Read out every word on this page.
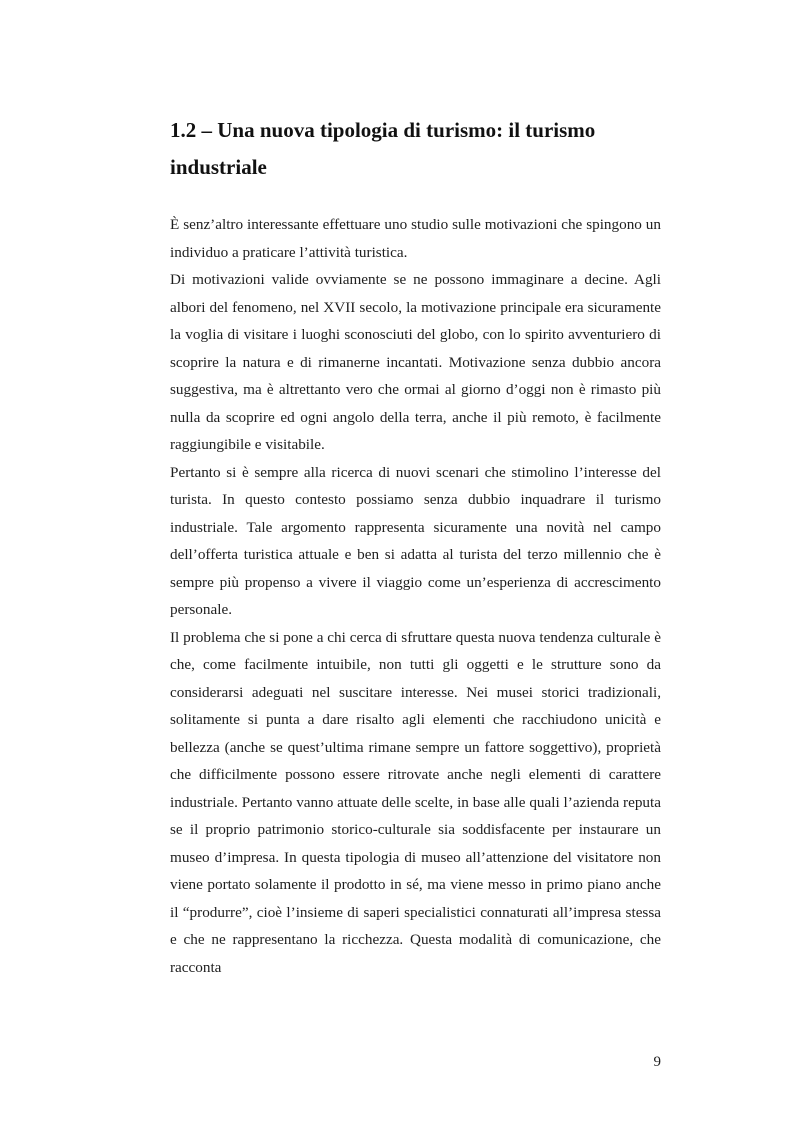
1.2 – Una nuova tipologia di turismo: il turismo industriale

È senz’altro interessante effettuare uno studio sulle motivazioni che spingono un individuo a praticare l’attività turistica.

Di motivazioni valide ovviamente se ne possono immaginare a decine. Agli albori del fenomeno, nel XVII secolo, la motivazione principale era sicuramente la voglia di visitare i luoghi sconosciuti del globo, con lo spirito avventuriero di scoprire la natura e di rimanerne incantati. Motivazione senza dubbio ancora suggestiva, ma è altrettanto vero che ormai al giorno d’oggi non è rimasto più nulla da scoprire ed ogni angolo della terra, anche il più remoto, è facilmente raggiungibile e visitabile.

Pertanto si è sempre alla ricerca di nuovi scenari che stimolino l’interesse del turista. In questo contesto possiamo senza dubbio inquadrare il turismo industriale. Tale argomento rappresenta sicuramente una novità nel campo dell’offerta turistica attuale e ben si adatta al turista del terzo millennio che è sempre più propenso a vivere il viaggio come un’esperienza di accrescimento personale.

Il problema che si pone a chi cerca di sfruttare questa nuova tendenza culturale è che, come facilmente intuibile, non tutti gli oggetti e le strutture sono da considerarsi adeguati nel suscitare interesse. Nei musei storici tradizionali, solitamente si punta a dare risalto agli elementi che racchiudono unicità e bellezza (anche se quest’ultima rimane sempre un fattore soggettivo), proprietà che difficilmente possono essere ritrovate anche negli elementi di carattere industriale. Pertanto vanno attuate delle scelte, in base alle quali l’azienda reputa se il proprio patrimonio storico-culturale sia soddisfacente per instaurare un museo d’impresa. In questa tipologia di museo all’attenzione del visitatore non viene portato solamente il prodotto in sé, ma viene messo in primo piano anche il “produrre”, cioè l’insieme di saperi specialistici connaturati all’impresa stessa e che ne rappresentano la ricchezza. Questa modalità di comunicazione, che racconta

9
